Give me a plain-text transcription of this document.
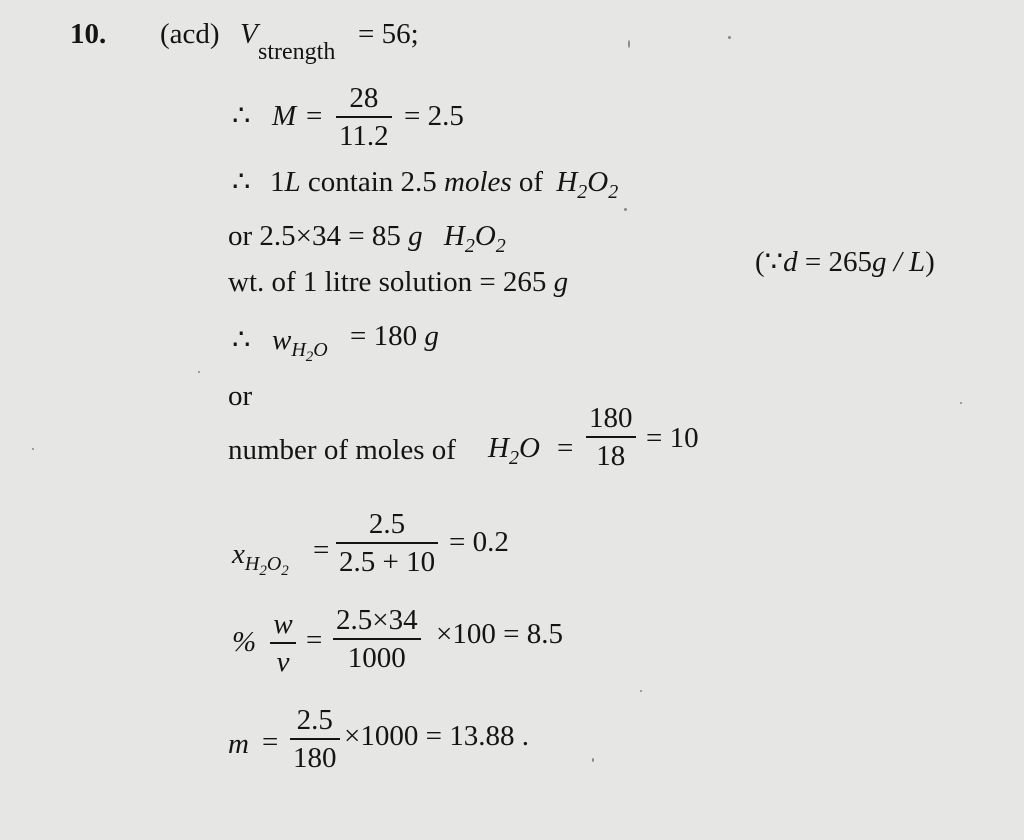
10. (acd) V
strength
= 56;
∴ M =
28
11.2
= 2.5
∴ 1L contain 2.5 moles of $H_2O_2$
or 2.5×34 = 85 g $H_2O_2$
wt. of 1 litre solution = 265 g
(∵d = 265g / L)
∴ $w_{H_2O} = 180$ g
or
number of moles of $H_2O$ =
180
18
= 10
$x_{H_2O_2}$
=
2.5
2.5 + 10
= 0.2
%
w
v
=
2.5×34
1000
×100 = 8.5
m =
2.5
180
×1000 = 13.88 .
